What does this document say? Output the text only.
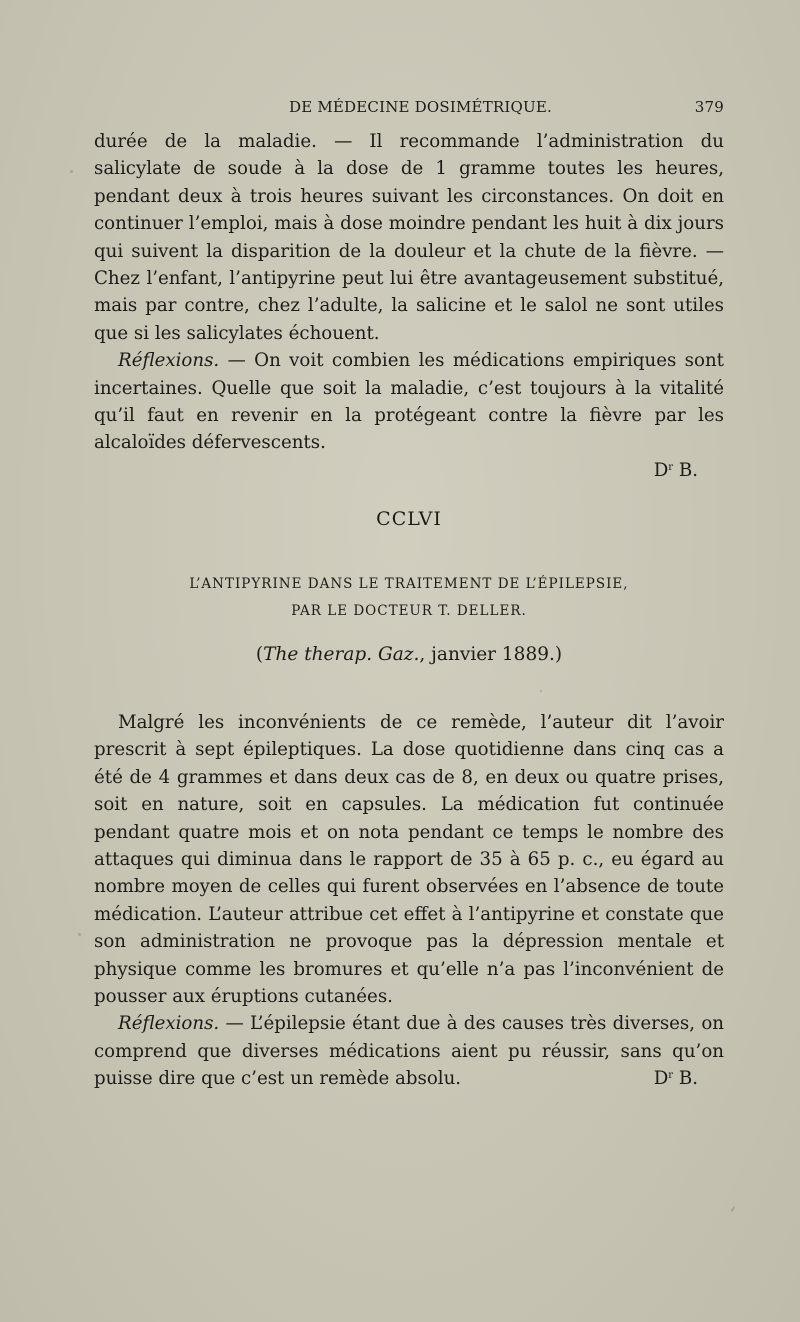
DE MÉDECINE DOSIMÉTRIQUE.	379

durée de la maladie. — Il recommande l’administration du salicylate de soude à la dose de 1 gramme toutes les heures, pendant deux à trois heures suivant les circonstances. On doit en continuer l’emploi, mais à dose moindre pendant les huit à dix jours qui suivent la disparition de la douleur et la chute de la fièvre. — Chez l’enfant, l’antipyrine peut lui être avantageusement substitué, mais par contre, chez l’adulte, la salicine et le salol ne sont utiles que si les salicylates échouent.

Réflexions. — On voit combien les médications empiriques sont incertaines. Quelle que soit la maladie, c’est toujours à la vitalité qu’il faut en revenir en la protégeant contre la fièvre par les alcaloïdes défervescents.

$D^r$ B.

CCLVI
L’ANTIPYRINE DANS LE TRAITEMENT DE L’ÉPILEPSIE,
PAR LE DOCTEUR T. DELLER.
(The therap. Gaz., janvier 1889.)

Malgré les inconvénients de ce remède, l’auteur dit l’avoir prescrit à sept épileptiques. La dose quotidienne dans cinq cas a été de 4 grammes et dans deux cas de 8, en deux ou quatre prises, soit en nature, soit en capsules. La médication fut continuée pendant quatre mois et on nota pendant ce temps le nombre des attaques qui diminua dans le rapport de 35 à 65 p. c., eu égard au nombre moyen de celles qui furent observées en l’absence de toute médication. L’auteur attribue cet effet à l’antipyrine et constate que son administration ne provoque pas la dépression mentale et physique comme les bromures et qu’elle n’a pas l’inconvénient de pousser aux éruptions cutanées.

Réflexions. — L’épilepsie étant due à des causes très diverses, on comprend que diverses médications aient pu réussir, sans qu’on puisse dire que c’est un remède absolu.	$D^r$ B.
